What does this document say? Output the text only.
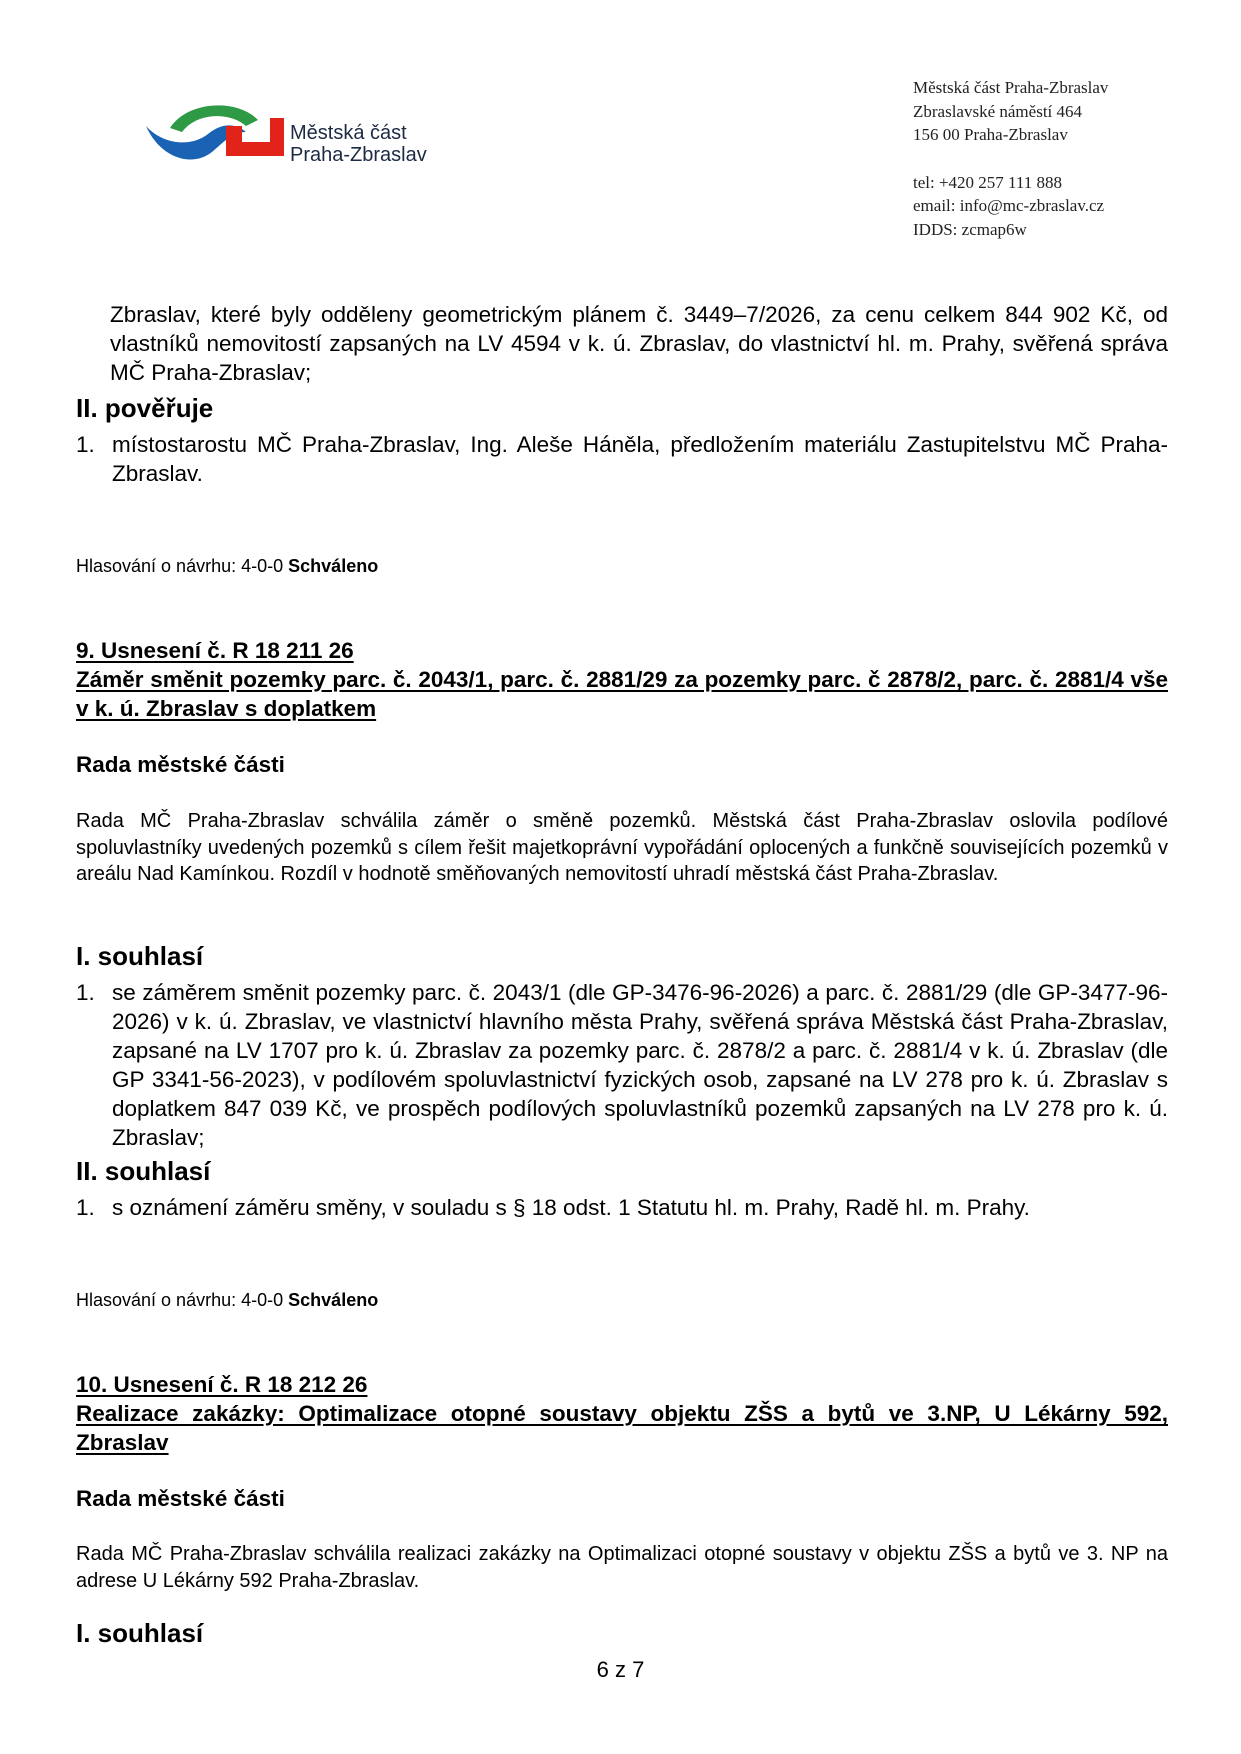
Městská část
Praha-Zbraslav
Městská část Praha-Zbraslav
Zbraslavské náměstí 464
156 00 Praha-Zbraslav
tel: +420 257 111 888
email: info@mc-zbraslav.cz
IDDS: zcmap6w
Zbraslav, které byly odděleny geometrickým plánem č. 3449–7/2026, za cenu celkem 844 902 Kč, od vlastníků nemovitostí zapsaných na LV 4594 v k. ú. Zbraslav, do vlastnictví hl. m. Prahy, svěřená správa MČ Praha-Zbraslav;
II. pověřuje
1. místostarostu MČ Praha-Zbraslav, Ing. Aleše Háněla, předložením materiálu Zastupitelstvu MČ Praha-Zbraslav.
Hlasování o návrhu: 4-0-0 Schváleno
9. Usnesení č. R 18 211 26
Záměr směnit pozemky parc. č. 2043/1, parc. č. 2881/29 za pozemky parc. č 2878/2, parc. č. 2881/4 vše v k. ú. Zbraslav s doplatkem
Rada městské části
Rada MČ Praha-Zbraslav schválila záměr o směně pozemků. Městská část Praha-Zbraslav oslovila podílové spoluvlastníky uvedených pozemků s cílem řešit majetkoprávní vypořádání oplocených a funkčně souvisejících pozemků v areálu Nad Kamínkou. Rozdíl v hodnotě směňovaných nemovitostí uhradí městská část Praha-Zbraslav.
I. souhlasí
1. se záměrem směnit pozemky parc. č. 2043/1 (dle GP-3476-96-2026) a parc. č. 2881/29 (dle GP-3477-96-2026) v k. ú. Zbraslav, ve vlastnictví hlavního města Prahy, svěřená správa Městská část Praha-Zbraslav, zapsané na LV 1707 pro k. ú. Zbraslav za pozemky parc. č. 2878/2 a parc. č. 2881/4 v k. ú. Zbraslav (dle GP 3341-56-2023), v podílovém spoluvlastnictví fyzických osob, zapsané na LV 278 pro k. ú. Zbraslav s doplatkem 847 039 Kč, ve prospěch podílových spoluvlastníků pozemků zapsaných na LV 278 pro k. ú. Zbraslav;
II. souhlasí
1. s oznámení záměru směny, v souladu s § 18 odst. 1 Statutu hl. m. Prahy, Radě hl. m. Prahy.
Hlasování o návrhu: 4-0-0 Schváleno
10. Usnesení č. R 18 212 26
Realizace zakázky: Optimalizace otopné soustavy objektu ZŠS a bytů ve 3.NP, U Lékárny 592, Zbraslav
Rada městské části
Rada MČ Praha-Zbraslav schválila realizaci zakázky na Optimalizaci otopné soustavy v objektu ZŠS a bytů ve 3. NP na adrese U Lékárny 592 Praha-Zbraslav.
I. souhlasí
6 z 7
